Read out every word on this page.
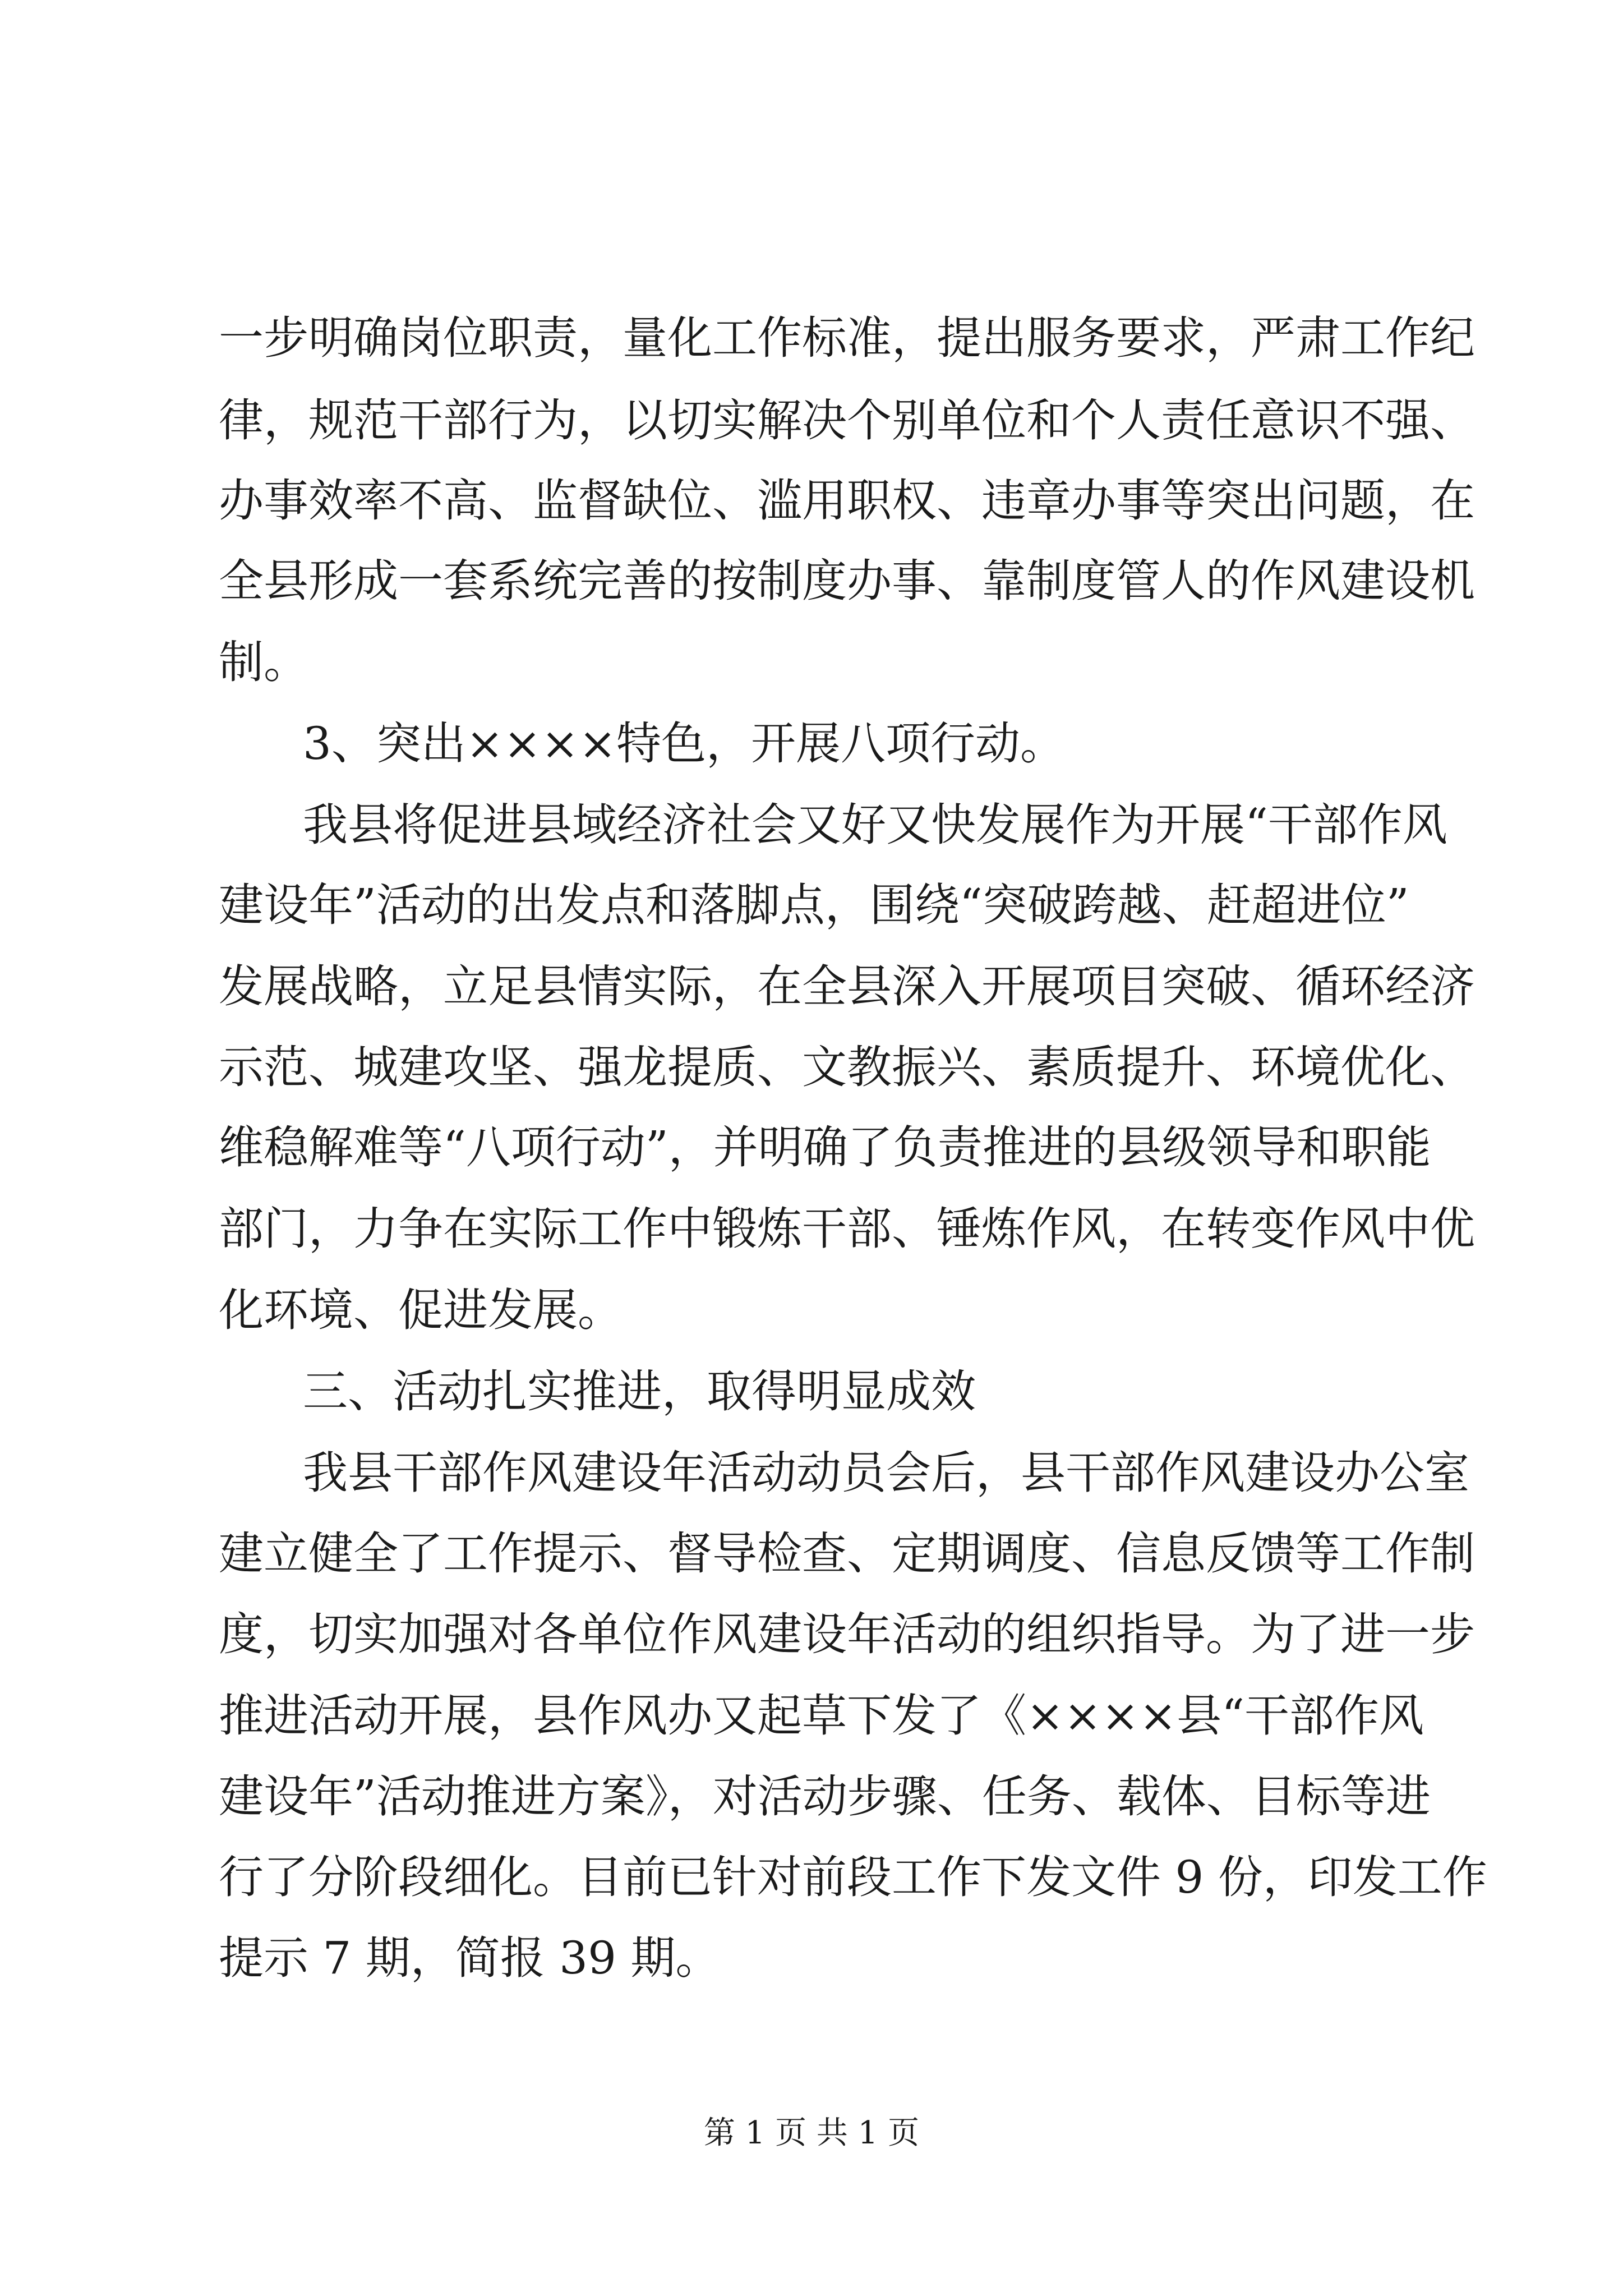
一步明确岗位职责，量化工作标准，提出服务要求，严肃工作纪
律，规范干部行为，以切实解决个别单位和个人责任意识不强、
办事效率不高、监督缺位、滥用职权、违章办事等突出问题，在
全县形成一套系统完善的按制度办事、靠制度管人的作风建设机
制。
3、突出××××特色，开展八项行动。
我县将促进县域经济社会又好又快发展作为开展“干部作风
建设年”活动的出发点和落脚点，围绕“突破跨越、赶超进位”
发展战略，立足县情实际，在全县深入开展项目突破、循环经济
示范、城建攻坚、强龙提质、文教振兴、素质提升、环境优化、
维稳解难等“八项行动”，并明确了负责推进的县级领导和职能
部门，力争在实际工作中锻炼干部、锤炼作风，在转变作风中优
化环境、促进发展。
三、活动扎实推进，取得明显成效
我县干部作风建设年活动动员会后，县干部作风建设办公室
建立健全了工作提示、督导检查、定期调度、信息反馈等工作制
度，切实加强对各单位作风建设年活动的组织指导。为了进一步
推进活动开展，县作风办又起草下发了《××××县“干部作风
建设年”活动推进方案》，对活动步骤、任务、载体、目标等进
行了分阶段细化。目前已针对前段工作下发文件 9 份，印发工作
提示 7 期，简报 39 期。
第 1 页 共 1 页
